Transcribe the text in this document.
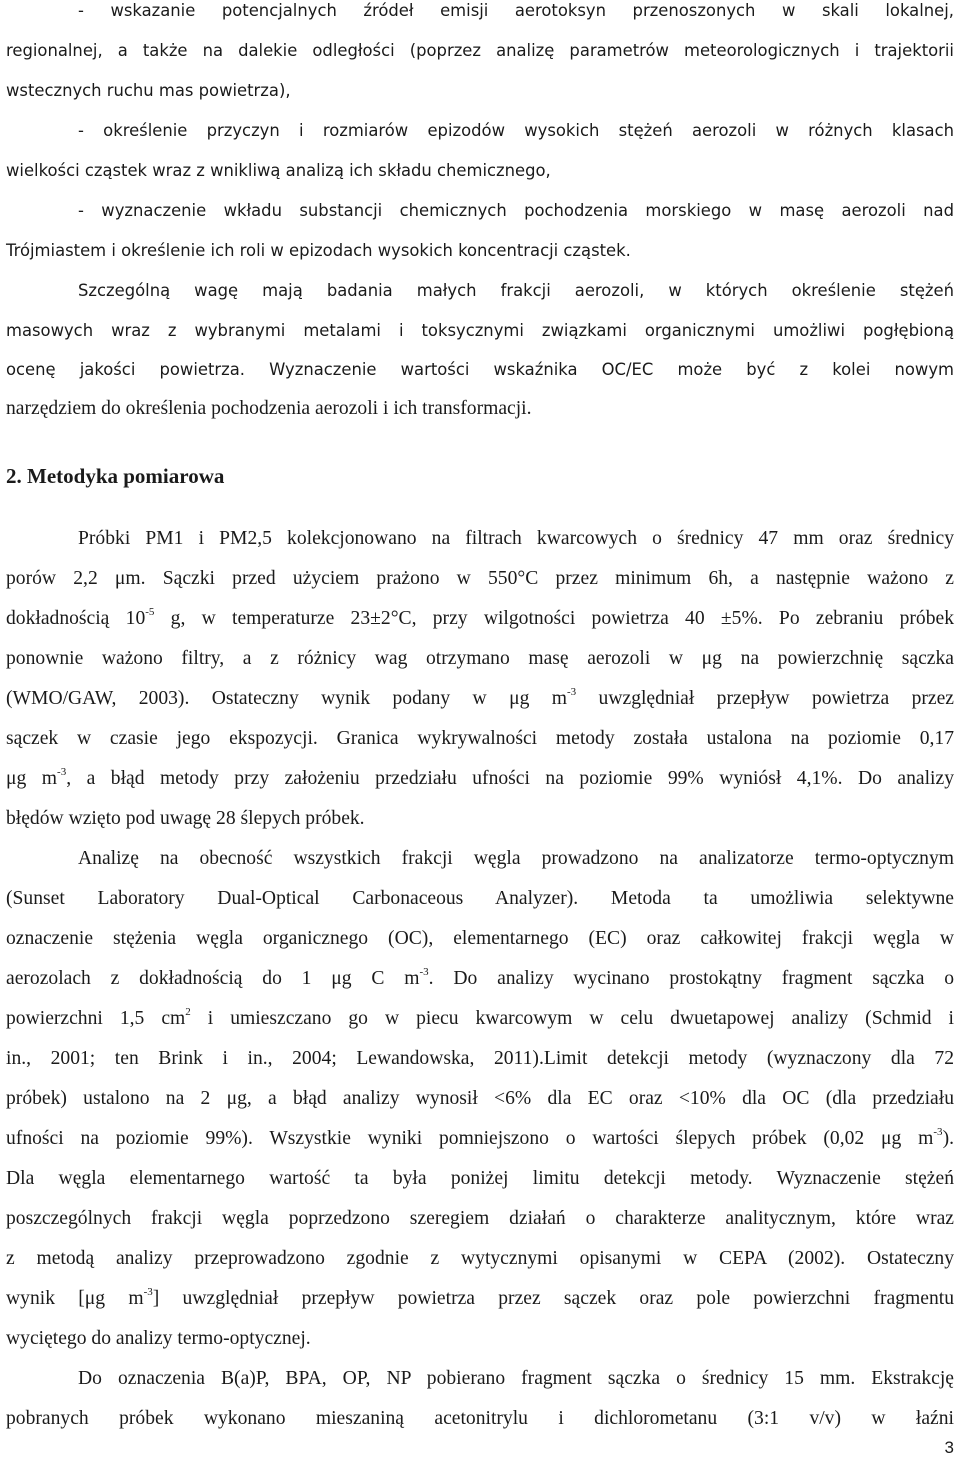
- wskazanie potencjalnych źródeł emisji aerotoksyn przenoszonych w skali lokalnej,
regionalnej, a także na dalekie odległości (poprzez analizę parametrów meteorologicznych i trajektorii
wstecznych ruchu mas powietrza),
- określenie przyczyn i rozmiarów epizodów wysokich stężeń aerozoli w różnych klasach
wielkości cząstek wraz z wnikliwą analizą ich składu chemicznego,
- wyznaczenie wkładu substancji chemicznych pochodzenia morskiego w masę aerozoli nad
Trójmiastem i określenie ich roli w epizodach wysokich koncentracji cząstek.
Szczególną wagę mają badania małych frakcji aerozoli, w których określenie stężeń
masowych wraz z wybranymi metalami i toksycznymi związkami organicznymi umożliwi pogłębioną
ocenę jakości powietrza. Wyznaczenie wartości wskaźnika OC/EC może być z kolei nowym
narzędziem do określenia pochodzenia aerozoli i ich transformacji.
2. Metodyka pomiarowa
Próbki PM1 i PM2,5 kolekcjonowano na filtrach kwarcowych o średnicy 47 mm oraz średnicy
porów 2,2 μm. Sączki przed użyciem prażono w 550°C przez minimum 6h, a następnie ważono z
dokładnością $10^{-5}$ g, w temperaturze 23±2°C, przy wilgotności powietrza 40 ±5%. Po zebraniu próbek
ponownie ważono filtry, a z różnicy wag otrzymano masę aerozoli w μg na powierzchnię sączka
(WMO/GAW, 2003). Ostateczny wynik podany w μg $m^{-3}$ uwzględniał przepływ powietrza przez
sączek w czasie jego ekspozycji. Granica wykrywalności metody została ustalona na poziomie 0,17
μg $m^{-3}$, a błąd metody przy założeniu przedziału ufności na poziomie 99% wyniósł 4,1%. Do analizy
błędów wzięto pod uwagę 28 ślepych próbek.
Analizę na obecność wszystkich frakcji węgla prowadzono na analizatorze termo-optycznym
(Sunset Laboratory Dual-Optical Carbonaceous Analyzer). Metoda ta umożliwia selektywne
oznaczenie stężenia węgla organicznego (OC), elementarnego (EC) oraz całkowitej frakcji węgla w
aerozolach z dokładnością do 1 μg C $m^{-3}$. Do analizy wycinano prostokątny fragment sączka o
powierzchni 1,5 $cm^2$ i umieszczano go w piecu kwarcowym w celu dwuetapowej analizy (Schmid i
in., 2001; ten Brink i in., 2004; Lewandowska, 2011).Limit detekcji metody (wyznaczony dla 72
próbek) ustalono na 2 μg, a błąd analizy wynosił <6% dla EC oraz <10% dla OC (dla przedziału
ufności na poziomie 99%). Wszystkie wyniki pomniejszono o wartości ślepych próbek (0,02 μg $m^{-3}$).
Dla węgla elementarnego wartość ta była poniżej limitu detekcji metody. Wyznaczenie stężeń
poszczególnych frakcji węgla poprzedzono szeregiem działań o charakterze analitycznym, które wraz
z metodą analizy przeprowadzono zgodnie z wytycznymi opisanymi w CEPA (2002). Ostateczny
wynik [μg $m^{-3}$] uwzględniał przepływ powietrza przez sączek oraz pole powierzchni fragmentu
wyciętego do analizy termo-optycznej.
Do oznaczenia B(a)P, BPA, OP, NP pobierano fragment sączka o średnicy 15 mm. Ekstrakcję
pobranych próbek wykonano mieszaniną acetonitrylu i dichlorometanu (3:1 v/v) w łaźni
3
